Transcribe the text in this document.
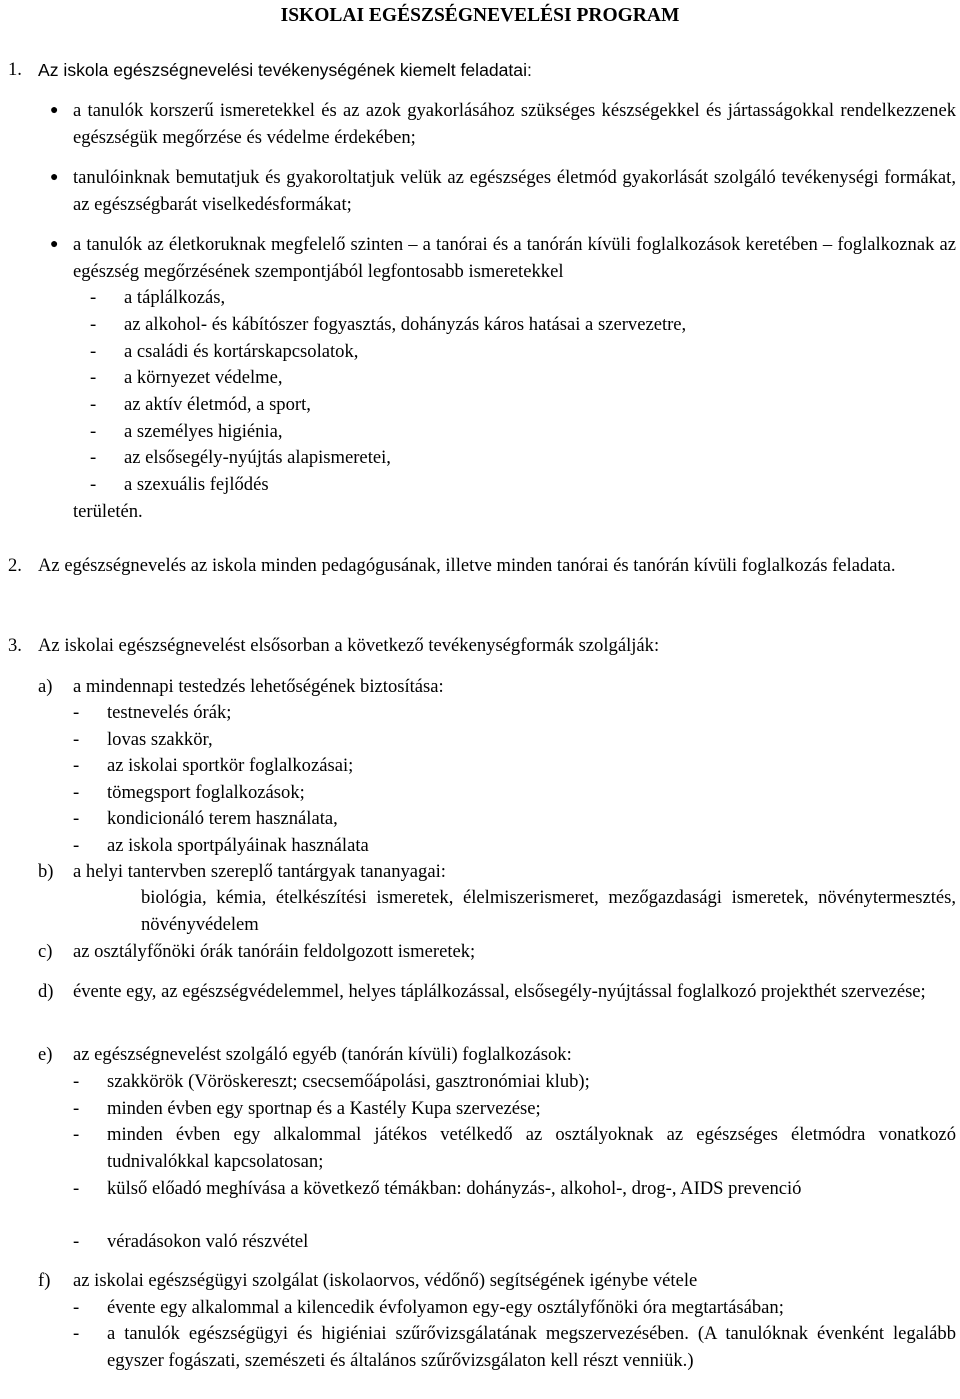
ISKOLAI EGÉSZSÉGNEVELÉSI PROGRAM
1. Az iskola egészségnevelési tevékenységének kiemelt feladatai:
● a tanulók korszerű ismeretekkel és az azok gyakorlásához szükséges készségekkel és jártasságokkal rendelkezzenek egészségük megőrzése és védelme érdekében;
● tanulóinknak bemutatjuk és gyakoroltatjuk velük az egészséges életmód gyakorlását szolgáló tevékenységi formákat, az egészségbarát viselkedésformákat;
● a tanulók az életkoruknak megfelelő szinten – a tanórai és a tanórán kívüli foglalkozások keretében – foglalkoznak az egészség megőrzésének szempontjából legfontosabb ismeretekkel
- a táplálkozás,
- az alkohol- és kábítószer fogyasztás, dohányzás káros hatásai a szervezetre,
- a családi és kortárskapcsolatok,
- a környezet védelme,
- az aktív életmód, a sport,
- a személyes higiénia,
- az elsősegély-nyújtás alapismeretei,
- a szexuális fejlődés
területén.
2. Az egészségnevelés az iskola minden pedagógusának, illetve minden tanórai és tanórán kívüli foglalkozás feladata.
3. Az iskolai egészségnevelést elsősorban a következő tevékenységformák szolgálják:
a) a mindennapi testedzés lehetőségének biztosítása:
- testnevelés órák;
- lovas szakkör,
- az iskolai sportkör foglalkozásai;
- tömegsport foglalkozások;
- kondicionáló terem használata,
- az iskola sportpályáinak használata
b) a helyi tantervben szereplő tantárgyak tananyagai:
biológia, kémia, ételkészítési ismeretek, élelmiszerismeret, mezőgazdasági ismeretek, növénytermesztés, növényvédelem
c) az osztályfőnöki órák tanóráin feldolgozott ismeretek;
d) évente egy, az egészségvédelemmel, helyes táplálkozással, elsősegély-nyújtással foglalkozó projekthét szervezése;
e) az egészségnevelést szolgáló egyéb (tanórán kívüli) foglalkozások:
- szakkörök (Vöröskereszt; csecsemőápolási, gasztronómiai klub);
- minden évben egy sportnap és a Kastély Kupa szervezése;
- minden évben egy alkalommal játékos vetélkedő az osztályoknak az egészséges életmódra vonatkozó tudnivalókkal kapcsolatosan;
- külső előadó meghívása a következő témákban: dohányzás-, alkohol-, drog-, AIDS prevenció
- véradásokon való részvétel
f) az iskolai egészségügyi szolgálat (iskolaorvos, védőnő) segítségének igénybe vétele
- évente egy alkalommal a kilencedik évfolyamon egy-egy osztályfőnöki óra megtartásában;
- a tanulók egészségügyi és higiéniai szűrővizsgálatának megszervezésében. (A tanulóknak évenként legalább egyszer fogászati, szemészeti és általános szűrővizsgálaton kell részt venniük.)
